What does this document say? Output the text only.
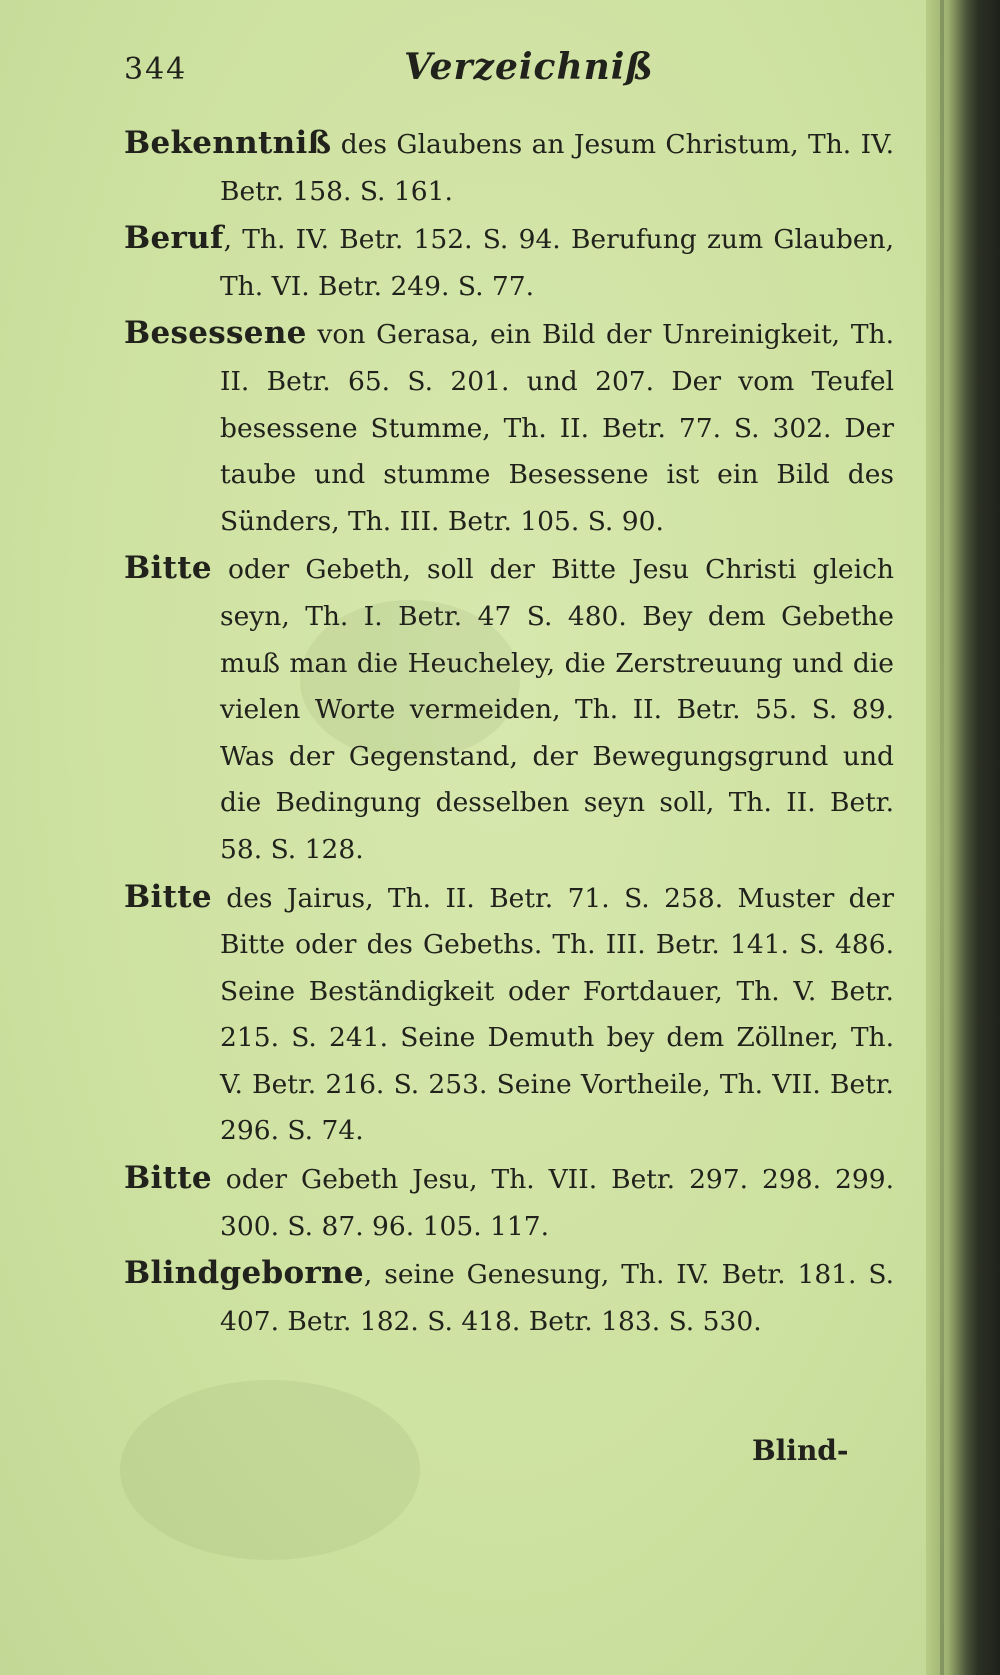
344	Verzeichniß

Bekenntniß des Glaubens an Jesum Christum, Th. IV. Betr. 158. S. 161.

Beruf, Th. IV. Betr. 152. S. 94. Berufung zum Glauben, Th. VI. Betr. 249. S. 77.

Besessene von Gerasa, ein Bild der Unreinigkeit, Th. II. Betr. 65. S. 201. und 207. Der vom Teufel besessene Stumme, Th. II. Betr. 77. S. 302. Der taube und stumme Besessene ist ein Bild des Sünders, Th. III. Betr. 105. S. 90.

Bitte oder Gebeth, soll der Bitte Jesu Christi gleich seyn, Th. I. Betr. 47 S. 480. Bey dem Gebethe muß man die Heucheley, die Zerstreuung und die vielen Worte vermeiden, Th. II. Betr. 55. S. 89. Was der Gegenstand, der Bewegungsgrund und die Bedingung desselben seyn soll, Th. II. Betr. 58. S. 128.

Bitte des Jairus, Th. II. Betr. 71. S. 258. Muster der Bitte oder des Gebeths. Th. III. Betr. 141. S. 486. Seine Beständigkeit oder Fortdauer, Th. V. Betr. 215. S. 241. Seine Demuth bey dem Zöllner, Th. V. Betr. 216. S. 253. Seine Vortheile, Th. VII. Betr. 296. S. 74.

Bitte oder Gebeth Jesu, Th. VII. Betr. 297. 298. 299. 300. S. 87. 96. 105. 117.

Blindgeborne, seine Genesung, Th. IV. Betr. 181. S. 407. Betr. 182. S. 418. Betr. 183. S. 530.

Blind-
